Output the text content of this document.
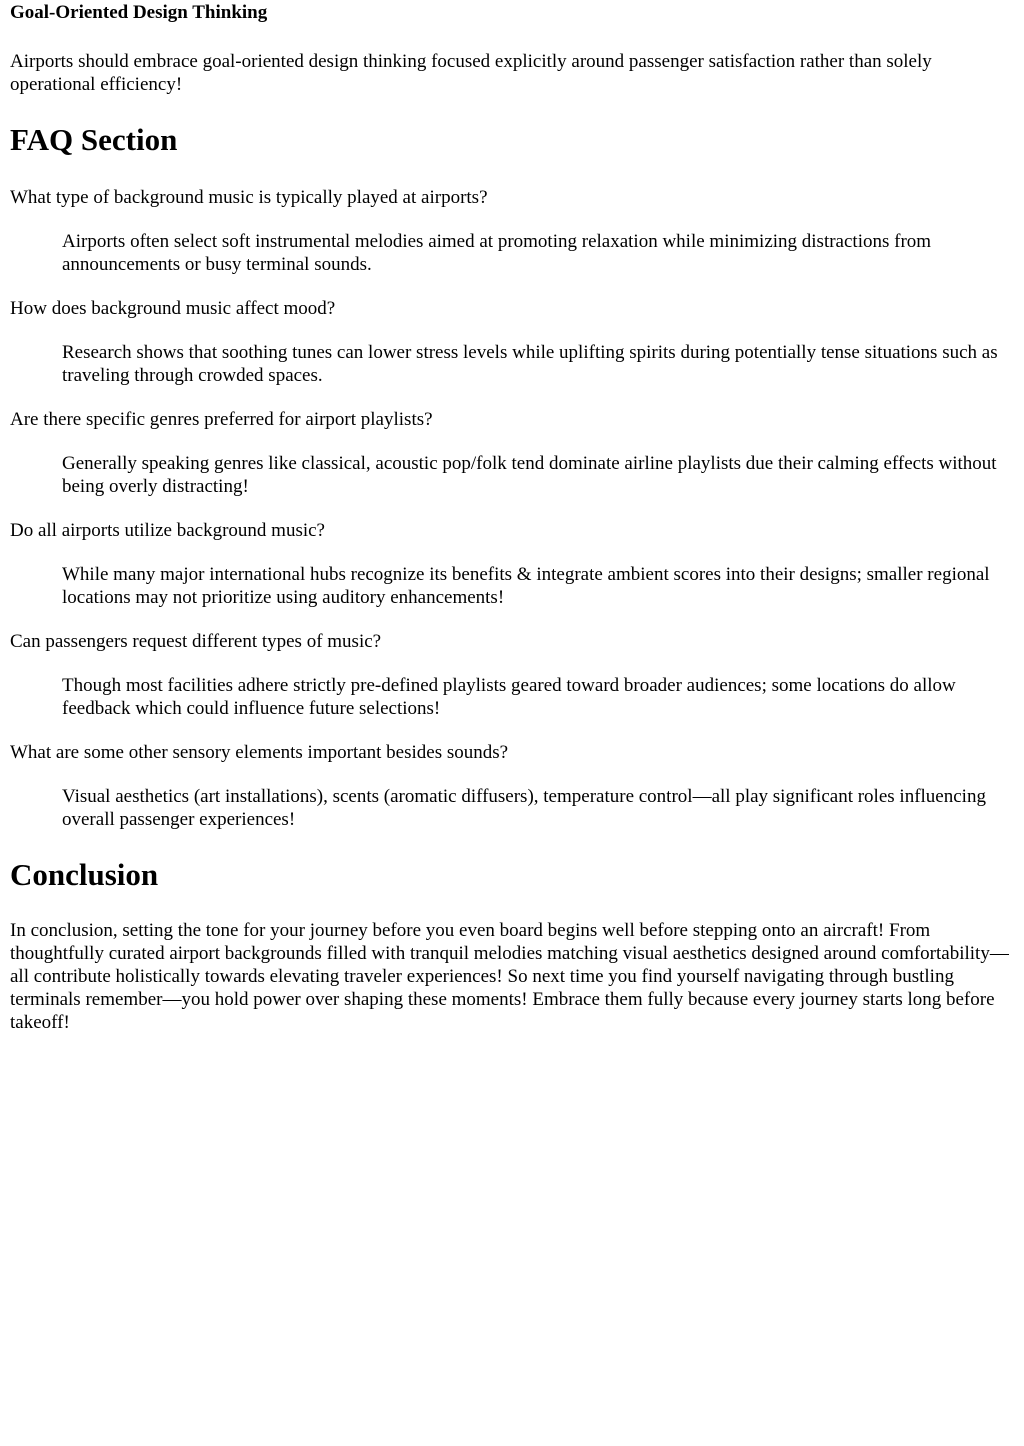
Goal-Oriented Design Thinking

Airports should embrace goal-oriented design thinking focused explicitly around passenger satisfaction rather than solely operational efficiency!

FAQ Section
What type of background music is typically played at airports?
Airports often select soft instrumental melodies aimed at promoting relaxation while minimizing distractions from announcements or busy terminal sounds.
How does background music affect mood?
Research shows that soothing tunes can lower stress levels while uplifting spirits during potentially tense situations such as traveling through crowded spaces.
Are there specific genres preferred for airport playlists?
Generally speaking genres like classical, acoustic pop/folk tend dominate airline playlists due their calming effects without being overly distracting!
Do all airports utilize background music?
While many major international hubs recognize its benefits & integrate ambient scores into their designs; smaller regional locations may not prioritize using auditory enhancements!
Can passengers request different types of music?
Though most facilities adhere strictly pre-defined playlists geared toward broader audiences; some locations do allow feedback which could influence future selections!
What are some other sensory elements important besides sounds?
Visual aesthetics (art installations), scents (aromatic diffusers), temperature control—all play significant roles influencing overall passenger experiences!
Conclusion

In conclusion, setting the tone for your journey before you even board begins well before stepping onto an aircraft! From thoughtfully curated airport backgrounds filled with tranquil melodies matching visual aesthetics designed around comfortability—all contribute holistically towards elevating traveler experiences! So next time you find yourself navigating through bustling terminals remember—you hold power over shaping these moments! Embrace them fully because every journey starts long before takeoff!
